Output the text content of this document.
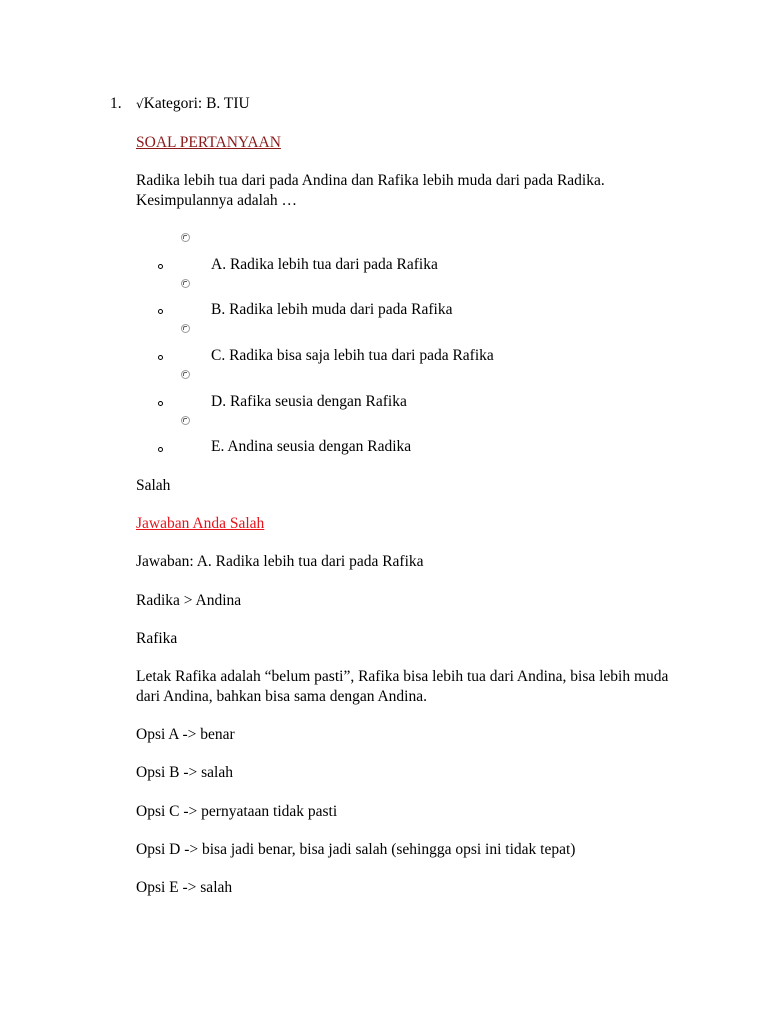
1. √Kategori: B. TIU
SOAL PERTANYAAN
Radika lebih tua dari pada Andina dan Rafika lebih muda dari pada Radika. Kesimpulannya adalah …
A. Radika lebih tua dari pada Rafika
B. Radika lebih muda dari pada Rafika
C. Radika bisa saja lebih tua dari pada Rafika
D. Rafika seusia dengan Rafika
E. Andina seusia dengan Radika
Salah
Jawaban Anda Salah
Jawaban: A. Radika lebih tua dari pada Rafika
Radika > Andina
Rafika
Letak Rafika adalah “belum pasti”, Rafika bisa lebih tua dari Andina, bisa lebih muda dari Andina, bahkan bisa sama dengan Andina.
Opsi A -> benar
Opsi B -> salah
Opsi C -> pernyataan tidak pasti
Opsi D -> bisa jadi benar, bisa jadi salah (sehingga opsi ini tidak tepat)
Opsi E -> salah
